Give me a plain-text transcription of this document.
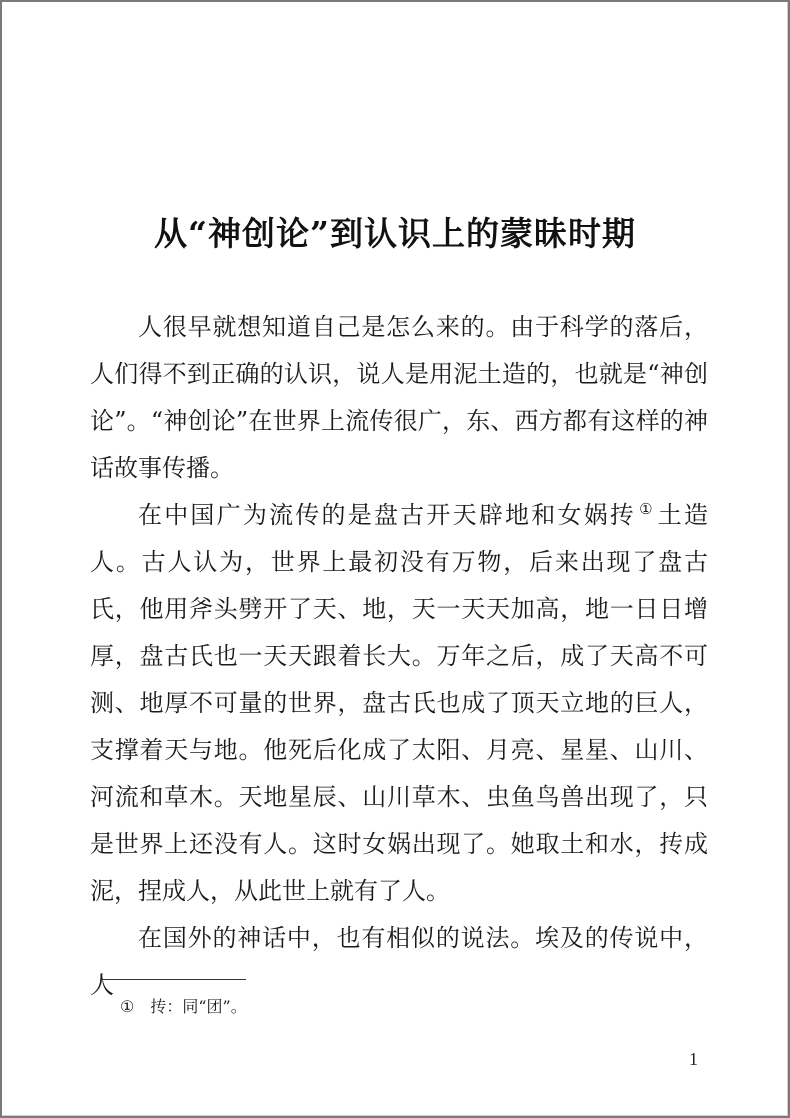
从“神创论”到认识上的蒙昧时期

人很早就想知道自己是怎么来的。由于科学的落后，人们得不到正确的认识，说人是用泥土造的，也就是“神创论”。“神创论”在世界上流传很广，东、西方都有这样的神话故事传播。

在中国广为流传的是盘古开天辟地和女娲抟 ① 土造人。古人认为，世界上最初没有万物，后来出现了盘古氏，他用斧头劈开了天、地，天一天天加高，地一日日增厚，盘古氏也一天天跟着长大。万年之后，成了天高不可测、地厚不可量的世界，盘古氏也成了顶天立地的巨人，支撑着天与地。他死后化成了太阳、月亮、星星、山川、河流和草木。天地星辰、山川草木、虫鱼鸟兽出现了，只是世界上还没有人。这时女娲出现了。她取土和水，抟成泥，捏成人，从此世上就有了人。

在国外的神话中，也有相似的说法。埃及的传说中，人

① 抟：同“团”。
1
